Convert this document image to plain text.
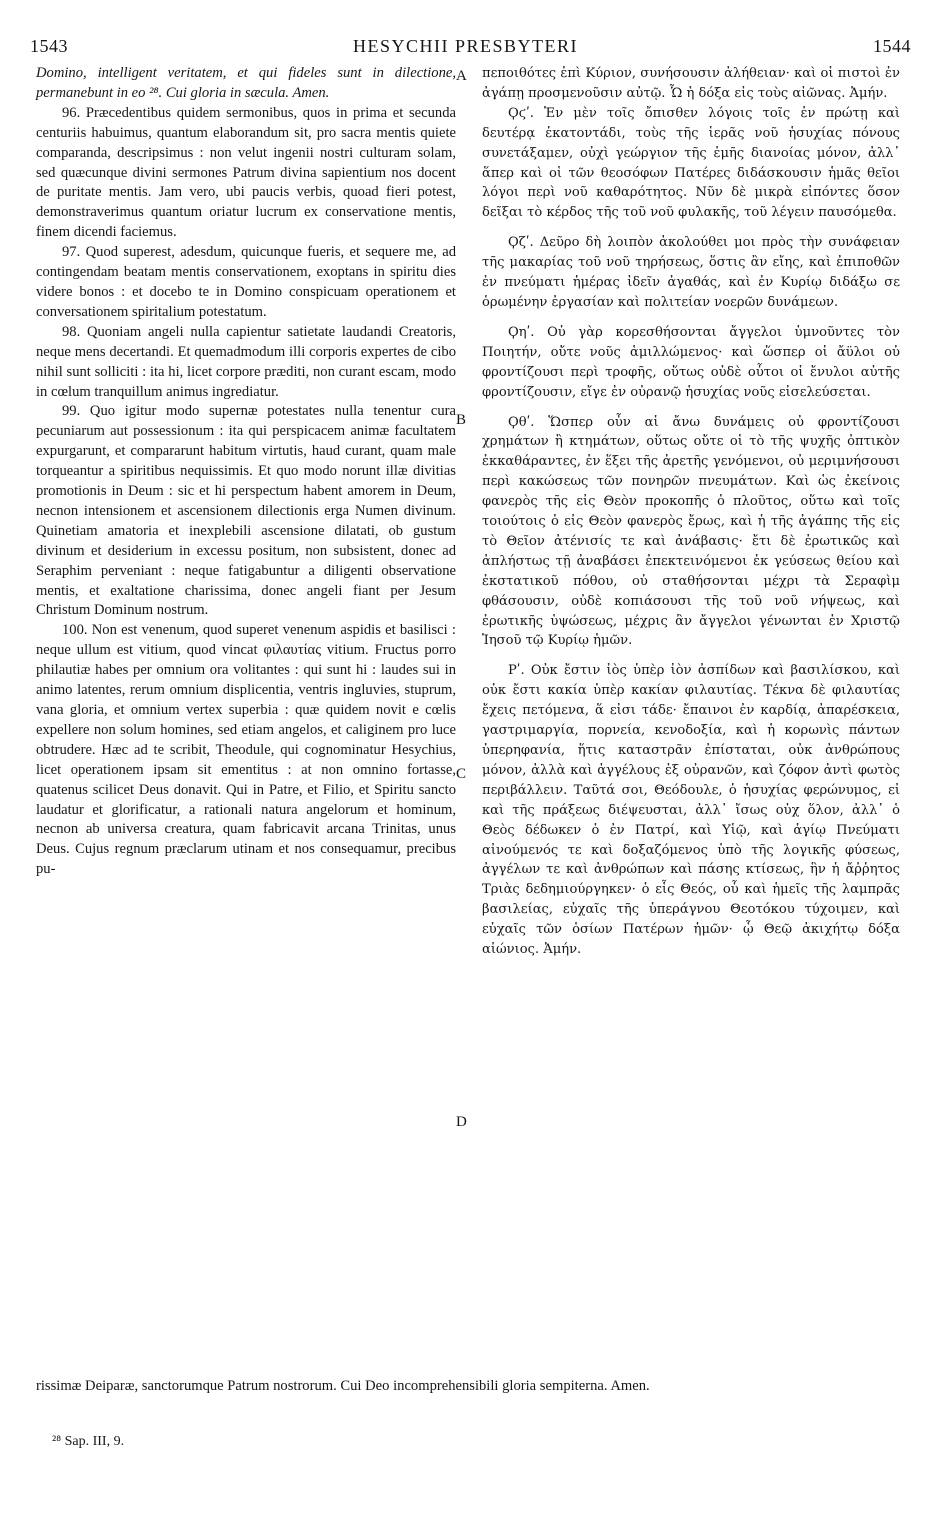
1543	HESYCHII PRESBYTERI	1544

Domino, intelligent veritatem, et qui fideles sunt in dilectione, permanebunt in eo ²⁸. Cui gloria in sæcula. Amen.

96. Præcedentibus quidem sermonibus, quos in prima et secunda centuriis habuimus, quantum elaborandum sit, pro sacra mentis quiete comparanda, descripsimus : non velut ingenii nostri culturam solam, sed quæcunque divini sermones Patrum divina sapientium nos docent de puritate mentis. Jam vero, ubi paucis verbis, quoad fieri potest, demonstraverimus quantum oriatur lucrum ex conservatione mentis, finem dicendi faciemus.

97. Quod superest, adesdum, quicunque fueris, et sequere me, ad contingendam beatam mentis conservationem, exoptans in spiritu dies videre bonos : et docebo te in Domino conspicuam operationem et conversationem spiritalium potestatum.

98. Quoniam angeli nulla capientur satietate laudandi Creatoris, neque mens decertandi. Et quemadmodum illi corporis expertes de cibo nihil sunt solliciti : ita hi, licet corpore præditi, non curant escam, modo in cœlum tranquillum animus ingrediatur.

99. Quo igitur modo supernæ potestates nulla tenentur cura pecuniarum aut possessionum : ita qui perspicacem animæ facultatem expurgarunt, et compararunt habitum virtutis, haud curant, quam male torqueantur a spiritibus nequissimis. Et quo modo norunt illæ divitias promotionis in Deum : sic et hi perspectum habent amorem in Deum, necnon intensionem et ascensionem dilectionis erga Numen divinum. Quinetiam amatoria et inexplebili ascensione dilatati, ob gustum divinum et desiderium in excessu positum, non subsistent, donec ad Seraphim perveniant : neque fatigabuntur a diligenti observatione mentis, et exaltatione charissima, donec angeli fiant per Jesum Christum Dominum nostrum.

100. Non est venenum, quod superet venenum aspidis et basilisci : neque ullum est vitium, quod vincat φιλαυτίας vitium. Fructus porro philautiæ habes per omnium ora volitantes : qui sunt hi : laudes sui in animo latentes, rerum omnium displicentia, ventris ingluvies, stuprum, vana gloria, et omnium vertex superbia : quæ quidem novit e cœlis expellere non solum homines, sed etiam angelos, et caliginem pro luce obtrudere. Hæc ad te scribit, Theodule, qui cognominatur Hesychius, licet operationem ipsam sit ementitus : at non omnino fortasse, quatenus scilicet Deus donavit. Qui in Patre, et Filio, et Spiritu sancto laudatur et glorificatur, a rationali natura angelorum et hominum, necnon ab universa creatura, quam fabricavit arcana Trinitas, unus Deus. Cujus regnum præclarum utinam et nos consequamur, precibus pu-

A
B
C
D

πεποιθότες ἐπὶ Κύριον, συνήσουσιν ἀλήθειαν· καὶ οἱ πιστοὶ ἐν ἀγάπῃ προσμενοῦσιν αὐτῷ. Ὧ ἡ δόξα εἰς τοὺς αἰῶνας. Ἀμήν.

Ϙϛʹ. Ἐν μὲν τοῖς ὄπισθεν λόγοις τοῖς ἐν πρώτῃ καὶ δευτέρᾳ ἑκατοντάδι, τοὺς τῆς ἱερᾶς νοῦ ἡσυχίας πόνους συνετάξαμεν, οὐχὶ γεώργιον τῆς ἐμῆς διανοίας μόνον, ἀλλ᾽ ἅπερ καὶ οἱ τῶν θεοσόφων Πατέρες διδάσκουσιν ἡμᾶς θεῖοι λόγοι περὶ νοῦ καθαρότητος. Νῦν δὲ μικρὰ εἰπόντες ὅσον δεῖξαι τὸ κέρδος τῆς τοῦ νοῦ φυλακῆς, τοῦ λέγειν παυσόμεθα.

Ϙζʹ. Δεῦρο δὴ λοιπὸν ἀκολούθει μοι πρὸς τὴν συνάφειαν τῆς μακαρίας τοῦ νοῦ τηρήσεως, ὅστις ἂν εἴης, καὶ ἐπιποθῶν ἐν πνεύματι ἡμέρας ἰδεῖν ἀγαθάς, καὶ ἐν Κυρίῳ διδάξω σε ὁρωμένην ἐργασίαν καὶ πολιτείαν νοερῶν δυνάμεων.

Ϙηʹ. Οὐ γὰρ κορεσθήσονται ἄγγελοι ὑμνοῦντες τὸν Ποιητήν, οὔτε νοῦς ἁμιλλώμενος· καὶ ὥσπερ οἱ ἄϋλοι οὐ φροντίζουσι περὶ τροφῆς, οὕτως οὐδὲ οὗτοι οἱ ἔνυλοι αὐτῆς φροντίζουσιν, εἴγε ἐν οὐρανῷ ἡσυχίας νοῦς εἰσελεύσεται.

Ϙθʹ. Ὥσπερ οὖν αἱ ἄνω δυνάμεις οὐ φροντίζουσι χρημάτων ἢ κτημάτων, οὕτως οὔτε οἱ τὸ τῆς ψυχῆς ὀπτικὸν ἐκκαθάραντες, ἐν ἕξει τῆς ἀρετῆς γενόμενοι, οὐ μεριμνήσουσι περὶ κακώσεως τῶν πονηρῶν πνευμάτων. Καὶ ὡς ἐκείνοις φανερὸς τῆς εἰς Θεὸν προκοπῆς ὁ πλοῦτος, οὕτω καὶ τοῖς τοιούτοις ὁ εἰς Θεὸν φανερὸς ἔρως, καὶ ἡ τῆς ἀγάπης τῆς εἰς τὸ Θεῖον ἀτένισίς τε καὶ ἀνάβασις· ἔτι δὲ ἐρωτικῶς καὶ ἀπλήστως τῇ ἀναβάσει ἐπεκτεινόμενοι ἐκ γεύσεως θείου καὶ ἐκστατικοῦ πόθου, οὐ σταθήσονται μέχρι τὰ Σεραφὶμ φθάσουσιν, οὐδὲ κοπιάσουσι τῆς τοῦ νοῦ νήψεως, καὶ ἐρωτικῆς ὑψώσεως, μέχρις ἂν ἄγγελοι γένωνται ἐν Χριστῷ Ἰησοῦ τῷ Κυρίῳ ἡμῶν.

Ρʹ. Οὐκ ἔστιν ἰὸς ὑπὲρ ἰὸν ἀσπίδων καὶ βασιλίσκου, καὶ οὐκ ἔστι κακία ὑπὲρ κακίαν φιλαυτίας. Τέκνα δὲ φιλαυτίας ἔχεις πετόμενα, ἅ εἰσι τάδε· ἔπαινοι ἐν καρδίᾳ, ἀπαρέσκεια, γαστριμαργία, πορνεία, κενοδοξία, καὶ ἡ κορωνὶς πάντων ὑπερηφανία, ἥτις καταστρᾶν ἐπίσταται, οὐκ ἀνθρώπους μόνον, ἀλλὰ καὶ ἀγγέλους ἐξ οὐρανῶν, καὶ ζόφον ἀντὶ φωτὸς περιβάλλειν. Ταῦτά σοι, Θεόδουλε, ὁ ἡσυχίας φερώνυμος, εἰ καὶ τῆς πράξεως διέψευσται, ἀλλ᾽ ἴσως οὐχ ὅλον, ἀλλ᾽ ὁ Θεὸς δέδωκεν ὁ ἐν Πατρί, καὶ Υἱῷ, καὶ ἁγίῳ Πνεύματι αἰνούμενός τε καὶ δοξαζόμενος ὑπὸ τῆς λογικῆς φύσεως, ἀγγέλων τε καὶ ἀνθρώπων καὶ πάσης κτίσεως, ἣν ἡ ἄῤῥητος Τριὰς δεδημιούργηκεν· ὁ εἷς Θεός, οὗ καὶ ἡμεῖς τῆς λαμπρᾶς βασιλείας, εὐχαῖς τῆς ὑπεράγνου Θεοτόκου τύχοιμεν, καὶ εὐχαῖς τῶν ὁσίων Πατέρων ἡμῶν· ᾧ Θεῷ ἀκιχήτῳ δόξα αἰώνιος. Ἀμήν.

rissimæ Deiparæ, sanctorumque Patrum nostrorum. Cui Deo incomprehensibili gloria sempiterna. Amen.
²⁸ Sap. III, 9.
